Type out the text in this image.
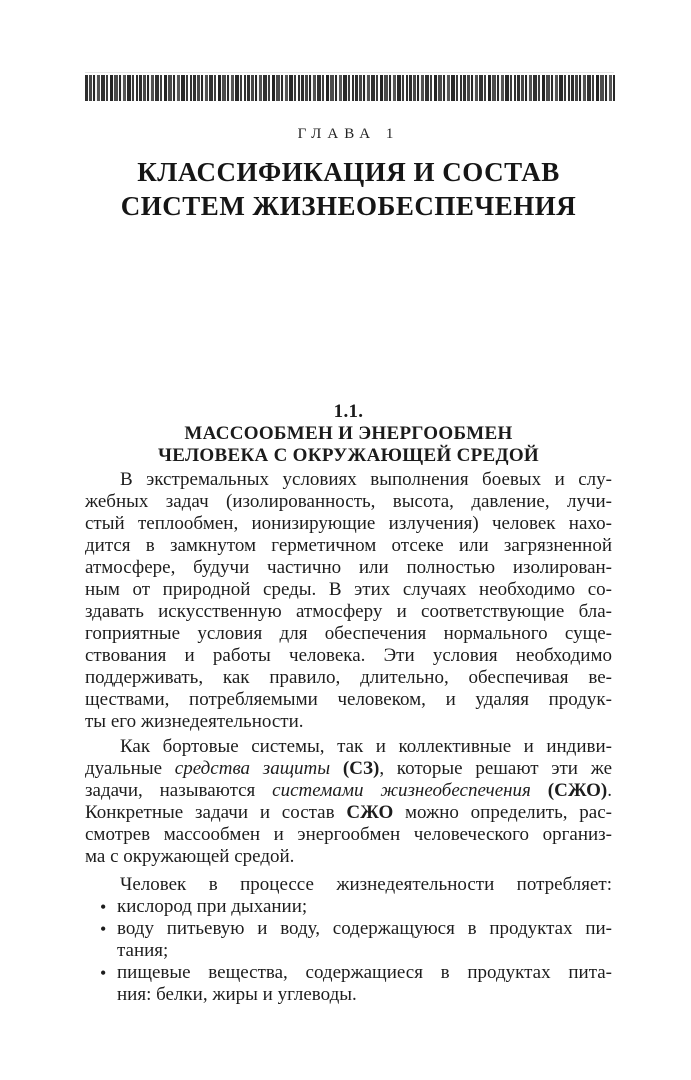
ГЛАВА 1
КЛАССИФИКАЦИЯ И СОСТАВ
СИСТЕМ ЖИЗНЕОБЕСПЕЧЕНИЯ
1.1.
МАССООБМЕН И ЭНЕРГООБМЕН
ЧЕЛОВЕКА С ОКРУЖАЮЩЕЙ СРЕДОЙ
В экстремальных условиях выполнения боевых и слу-
жебных задач (изолированность, высота, давление, лучи-
стый теплообмен, ионизирующие излучения) человек нахо-
дится в замкнутом герметичном отсеке или загрязненной
атмосфере, будучи частично или полностью изолирован-
ным от природной среды. В этих случаях необходимо со-
здавать искусственную атмосферу и соответствующие бла-
гоприятные условия для обеспечения нормального суще-
ствования и работы человека. Эти условия необходимо
поддерживать, как правило, длительно, обеспечивая ве-
ществами, потребляемыми человеком, и удаляя продук-
ты его жизнедеятельности.
Как бортовые системы, так и коллективные и индиви-
дуальные средства защиты (СЗ), которые решают эти же
задачи, называются системами жизнеобеспечения (СЖО).
Конкретные задачи и состав СЖО можно определить, рас-
смотрев массообмен и энергообмен человеческого организ-
ма с окружающей средой.
Человек в процессе жизнедеятельности потребляет:
• кислород при дыхании;
• воду питьевую и воду, содержащуюся в продуктах пи-
тания;
• пищевые вещества, содержащиеся в продуктах пита-
ния: белки, жиры и углеводы.
